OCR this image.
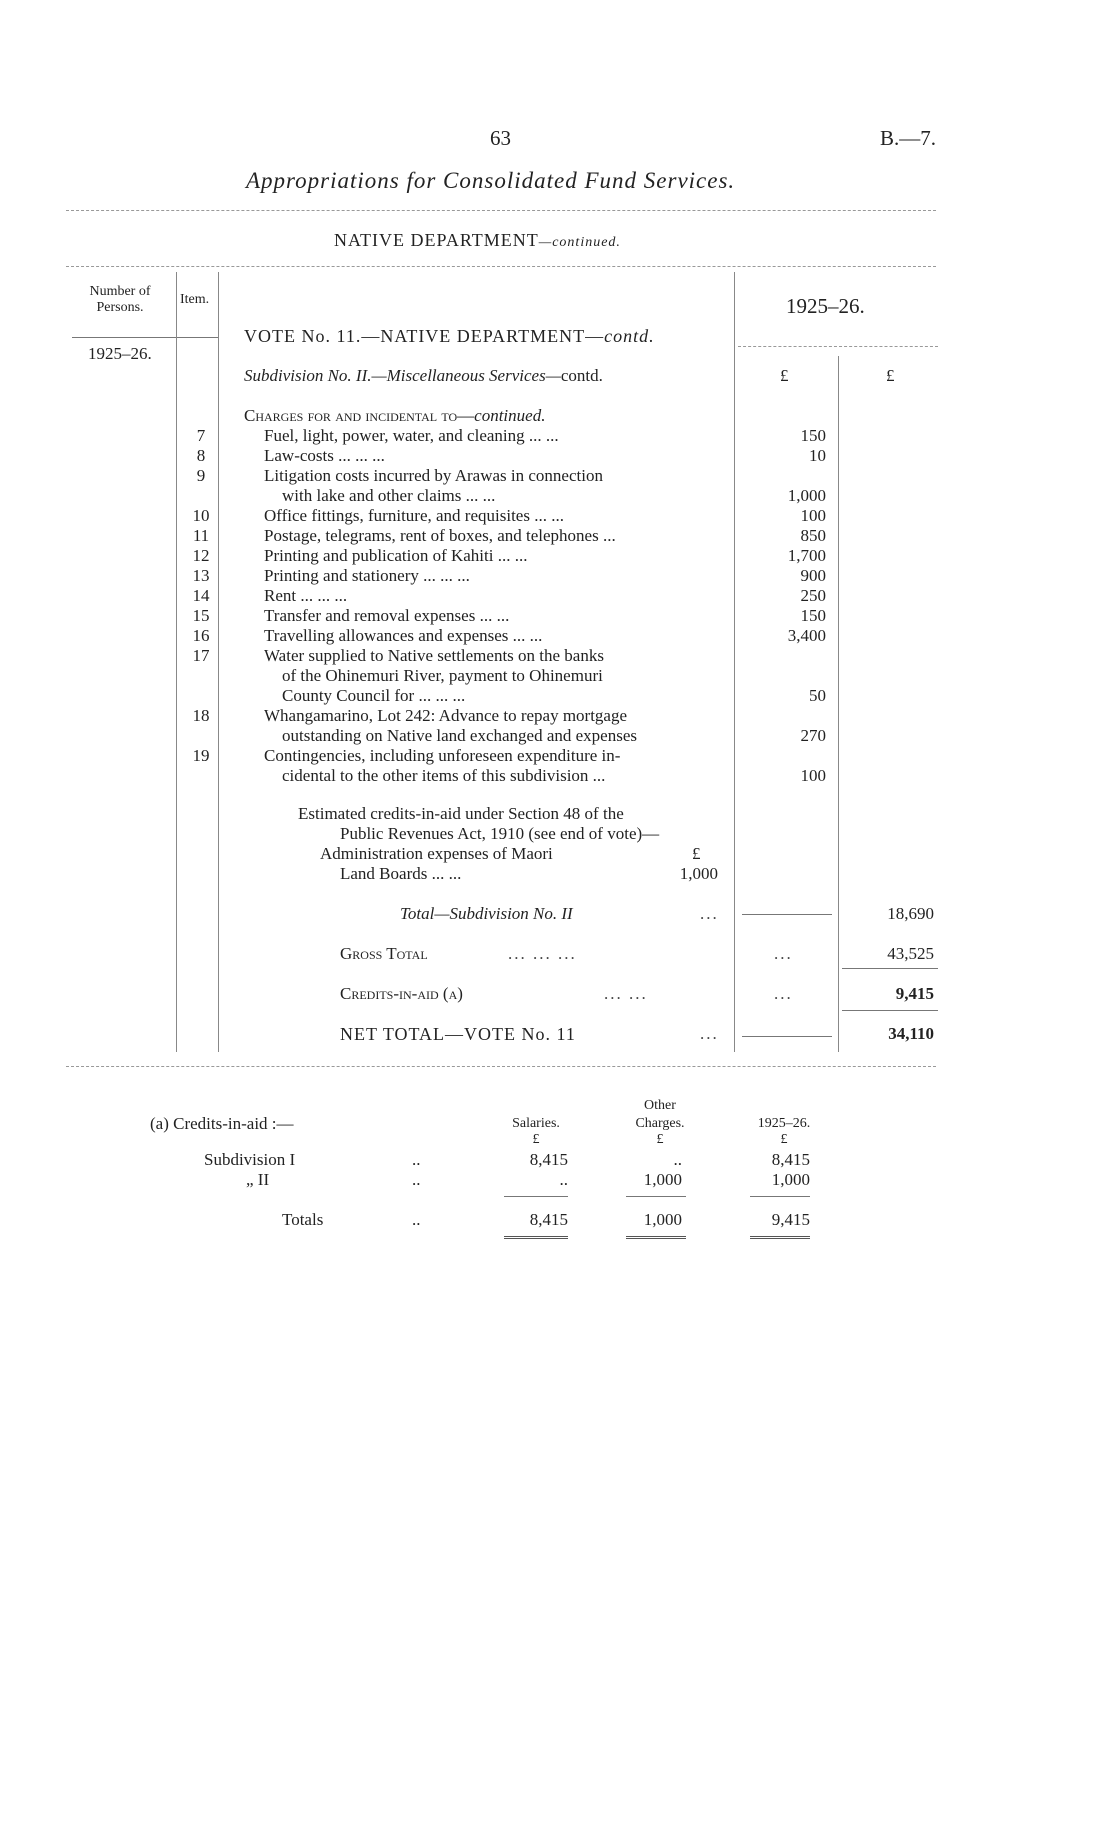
63	B.—7.
Appropriations for Consolidated Fund Services.
NATIVE DEPARTMENT—continued.
Number of Persons.
Item.	1925–26.
1925–26.
VOTE No. 11.—NATIVE DEPARTMENT—contd.
Subdivision No. II.—Miscellaneous Services—contd.	£	£
Charges for and incidental to—continued.
7	Fuel, light, power, water, and cleaning ... ...	150
8	Law-costs ... ... ...	10
9	Litigation costs incurred by Arawas in connection
with lake and other claims ... ...	1,000
10	Office fittings, furniture, and requisites ... ...	100
11	Postage, telegrams, rent of boxes, and telephones ...	850
12	Printing and publication of Kahiti ... ...	1,700
13	Printing and stationery ... ... ...	900
14	Rent ... ... ...	250
15	Transfer and removal expenses ... ...	150
16	Travelling allowances and expenses ... ...	3,400
17	Water supplied to Native settlements on the banks
of the Ohinemuri River, payment to Ohinemuri
County Council for ... ... ...	50
18	Whangamarino, Lot 242: Advance to repay mortgage
outstanding on Native land exchanged and expenses	270
19	Contingencies, including unforeseen expenditure in-
cidental to the other items of this subdivision ...	100
Estimated credits-in-aid under Section 48 of the
Public Revenues Act, 1910 (see end of vote)—
Administration expenses of Maori	£
Land Boards ... ...	1,000
Total—Subdivision No. II	...	18,690
Gross Total	... ... ...	...	43,525
Credits-in-aid (a)	... ...	...	9,415
NET TOTAL—VOTE No. 11	...	34,110
(a) Credits-in-aid :—
Other
Salaries.	Charges.	1925–26.
£	£	£
Subdivision I	..	8,415	..	8,415
„ II	..	..	1,000	1,000
Totals	..	8,415	1,000	9,415
